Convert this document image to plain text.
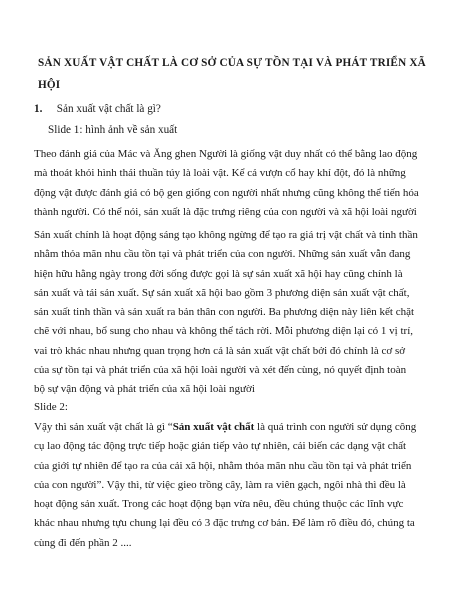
SẢN XUẤT VẬT CHẤT LÀ CƠ SỞ CỦA SỰ TỒN TẠI VÀ PHÁT TRIỂN XÃ
HỘI
1. Sản xuất vật chất là gì?
Slide 1: hình ảnh về sản xuất
Theo đánh giá của Mác và Ăng ghen Người là giống vật duy nhất có thể bằng lao động
mà thoát khỏi hình thái thuần túy là loài vật. Kể cả vượn cổ hay khỉ đột, đó là những
động vật được đánh giá có bộ gen giống con người nhất nhưng cũng không thể tiến hóa
thành người. Có thể nói, sản xuất là đặc trưng riêng của con người và xã hội loài người
Sản xuất chính là hoạt động sáng tạo không ngừng để tạo ra giá trị vật chất và tinh thần
nhằm thỏa mãn nhu cầu tồn tại và phát triển của con người. Những sản xuất vẫn đang
hiện hữu hằng ngày trong đời sống được gọi là sự sản xuất xã hội hay cũng chính là
sản xuất và tái sản xuất. Sự sản xuất xã hội bao gồm 3 phương diện sản xuất vật chất,
sản xuất tinh thần và sản xuất ra bản thân con người. Ba phương diện này liên kết chặt
chẽ với nhau, bổ sung cho nhau và không thể tách rời. Mỗi phương diện lại có 1 vị trí,
vai trò khác nhau nhưng quan trọng hơn cả là sản xuất vật chất bởi đó chính là cơ sở
của sự tồn tại và phát triển của xã hội loài người và xét đến cùng, nó quyết định toàn
bộ sự vận động và phát triển của xã hội loài người
Slide 2:
Vậy thì sản xuất vật chất là gì “Sản xuất vật chất là quá trình con người sử dụng công
cụ lao động tác động trực tiếp hoặc gián tiếp vào tự nhiên, cải biến các dạng vật chất
của giới tự nhiên để tạo ra của cải xã hội, nhằm thỏa mãn nhu cầu tồn tại và phát triển
của con người”. Vậy thì, từ việc gieo trồng cây, làm ra viên gạch, ngôi nhà thì đều là
hoạt động sản xuất. Trong các hoạt động bạn vừa nêu, đều chúng thuộc các lĩnh vực
khác nhau nhưng tựu chung lại đều có 3 đặc trưng cơ bản. Để làm rõ điều đó, chúng ta
cùng đi đến phần 2 ....
